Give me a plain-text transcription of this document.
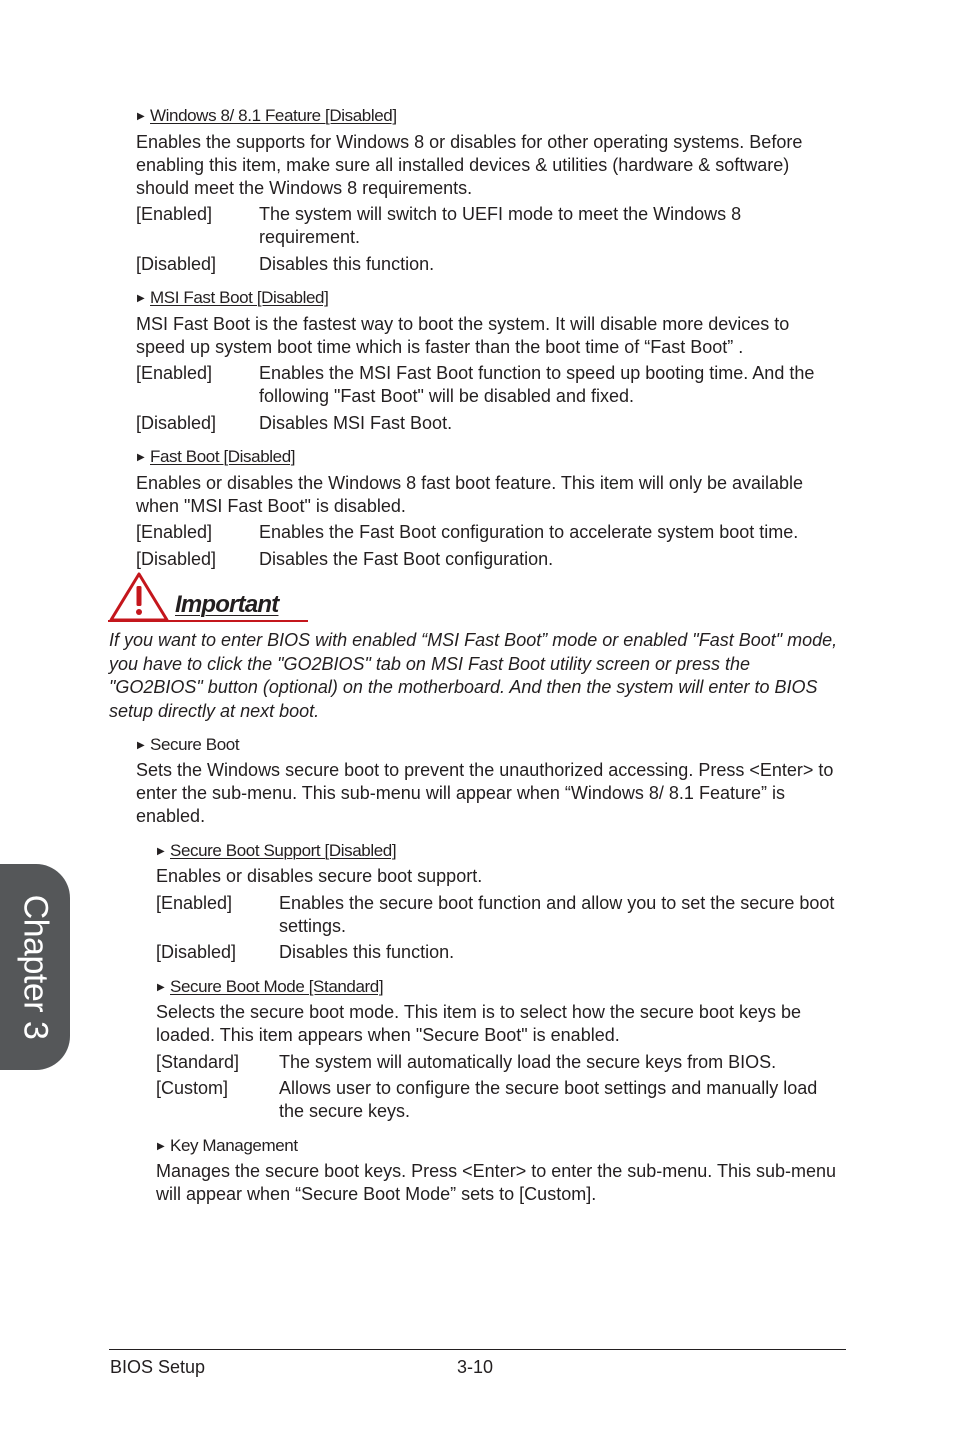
▶ Windows 8/ 8.1 Feature [Disabled]

Enables the supports for Windows 8 or disables for other operating systems. Before enabling this item, make sure all installed devices & utilities (hardware & software) should meet the Windows 8 requirements.

[Enabled]	The system will switch to UEFI mode to meet the Windows 8 requirement.
[Disabled] Disables this function.
▶ MSI Fast Boot [Disabled]

MSI Fast Boot is the fastest way to boot the system. It will disable more devices to speed up system boot time which is faster than the boot time of “Fast Boot” .

[Enabled]	Enables the MSI Fast Boot function to speed up booting time. And the following "Fast Boot" will be disabled and fixed.
[Disabled] Disables MSI Fast Boot.
▶ Fast Boot [Disabled]

Enables or disables the Windows 8 fast boot feature. This item will only be available when "MSI Fast Boot" is disabled.

[Enabled]	Enables the Fast Boot configuration to accelerate system boot time.
[Disabled] Disables the Fast Boot configuration.
Important

If you want to enter BIOS with enabled “MSI Fast Boot” mode or enabled "Fast Boot" mode, you have to click the "GO2BIOS" tab on MSI Fast Boot utility screen or press the "GO2BIOS" button (optional) on the motherboard. And then the system will enter to BIOS setup directly at next boot.

▶ Secure Boot

Sets the Windows secure boot to prevent the unauthorized accessing. Press <Enter> to enter the sub-menu. This sub-menu will appear when “Windows 8/ 8.1 Feature” is enabled.

▶ Secure Boot Support [Disabled]

Enables or disables secure boot support.

[Enabled]	Enables the secure boot function and allow you to set the secure boot settings.
[Disabled] Disables this function.
▶ Secure Boot Mode [Standard]

Selects the secure boot mode. This item is to select how the secure boot keys be loaded. This item appears when "Secure Boot" is enabled.

[Standard] The system will automatically load the secure keys from BIOS.
[Custom]	Allows user to configure the secure boot settings and manually load the secure keys.
▶ Key Management

Manages the secure boot keys. Press <Enter> to enter the sub-menu. This sub-menu will appear when “Secure Boot Mode” sets to [Custom].

Chapter 3
BIOS Setup	3-10
